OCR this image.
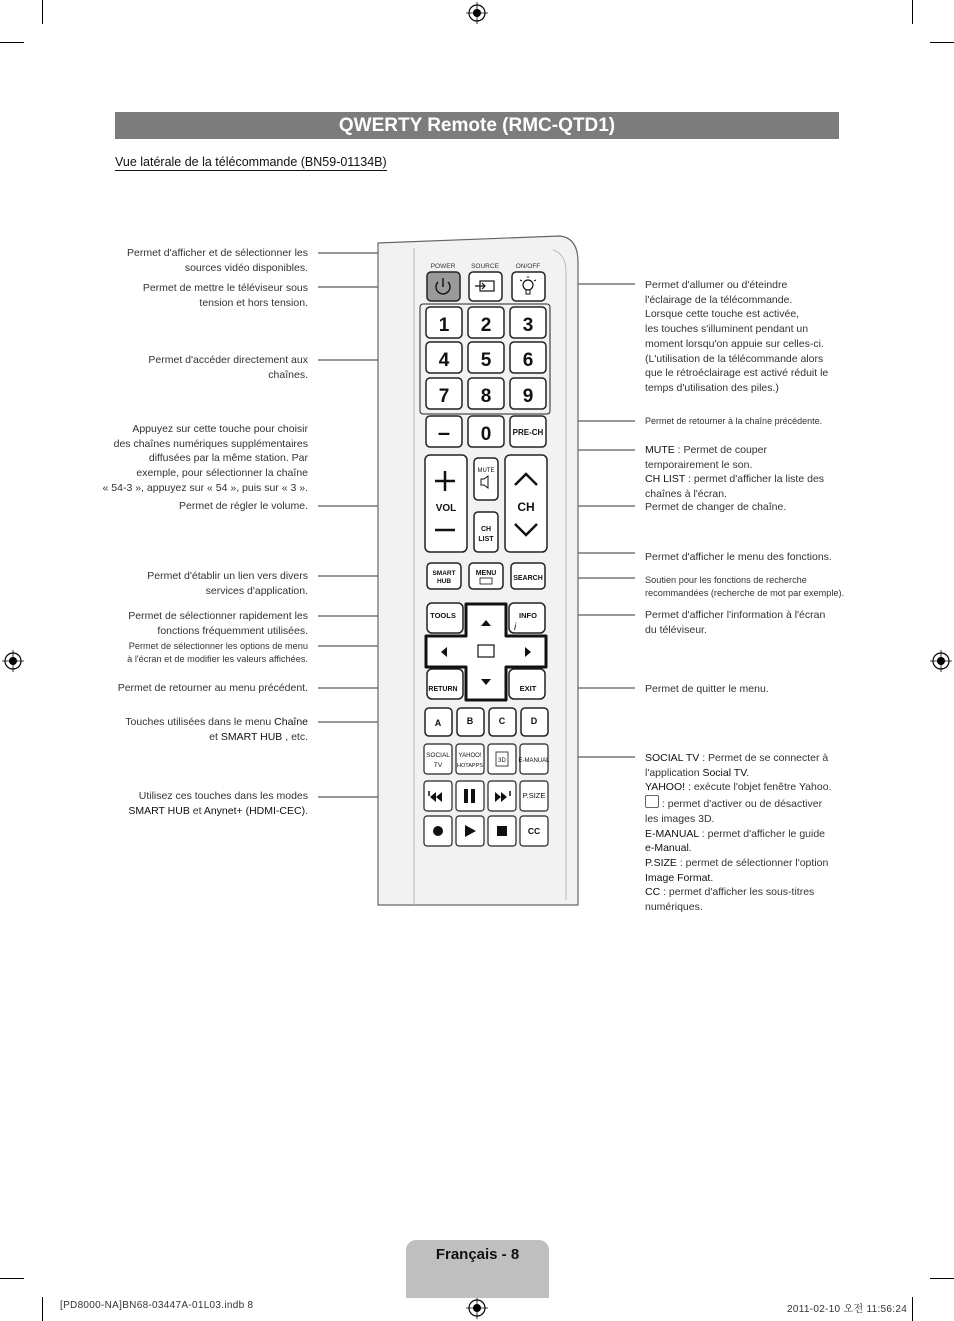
QWERTY Remote (RMC-QTD1)
Vue latérale de la télécommande (BN59-01134B)
POWER SOURCE	ON/OFF
1 2 3
4 5 6
7 8 9
– 0	PRE-CH
VOL
MUTE
CH
LIST
CH
SMART
HUB
MENU
SEARCH
TOOLS	INFO
i
RETURN	EXIT
A	B	C	D
SOCIAL
TV
YAHOO!
HOTAPPS
3D E-MANUAL
P.SIZE
CC
Permet d'afficher et de sélectionner les
sources vidéo disponibles.
Permet de mettre le téléviseur sous
tension et hors tension.
Permet d'accéder directement aux
chaînes.
Appuyez sur cette touche pour choisir
des chaînes numériques supplémentaires
diffusées par la même station. Par
exemple, pour sélectionner la chaîne
« 54-3 », appuyez sur « 54 », puis sur « 3 ».
Permet de régler le volume.
Permet d'établir un lien vers divers
services d'application.
Permet de sélectionner rapidement les
fonctions fréquemment utilisées.
Permet de sélectionner les options de menu
à l'écran et de modifier les valeurs affichées.
Permet de retourner au menu précédent.
Touches utilisées dans le menu Chaîne
et SMART HUB , etc.
Utilisez ces touches dans les modes
SMART HUB et Anynet+ (HDMI-CEC).
Permet d'allumer ou d'éteindre
l'éclairage de la télécommande.
Lorsque cette touche est activée,
les touches s'illuminent pendant un
moment lorsqu'on appuie sur celles-ci.
(L'utilisation de la télécommande alors
que le rétroéclairage est activé réduit le
temps d'utilisation des piles.)
Permet de retourner à la chaîne précédente.
MUTE : Permet de couper
temporairement le son.
CH LIST : permet d'afficher la liste des
chaînes à l'écran.
Permet de changer de chaîne.
Permet d'afficher le menu des fonctions.
Soutien pour les fonctions de recherche
recommandées (recherche de mot par exemple).
Permet d'afficher l'information à l'écran
du téléviseur.
Permet de quitter le menu.
SOCIAL TV : Permet de se connecter à
l'application Social TV.
YAHOO! : exécute l'objet fenêtre Yahoo.
: permet d'activer ou de désactiver
les images 3D.
E-MANUAL : permet d'afficher le guide
e-Manual.
P.SIZE : permet de sélectionner l'option
Image Format.
CC : permet d'afficher les sous-titres
numériques.
Français - 8
[PD8000-NA]BN68-03447A-01L03.indb 8	2011-02-10 오전 11:56:24
